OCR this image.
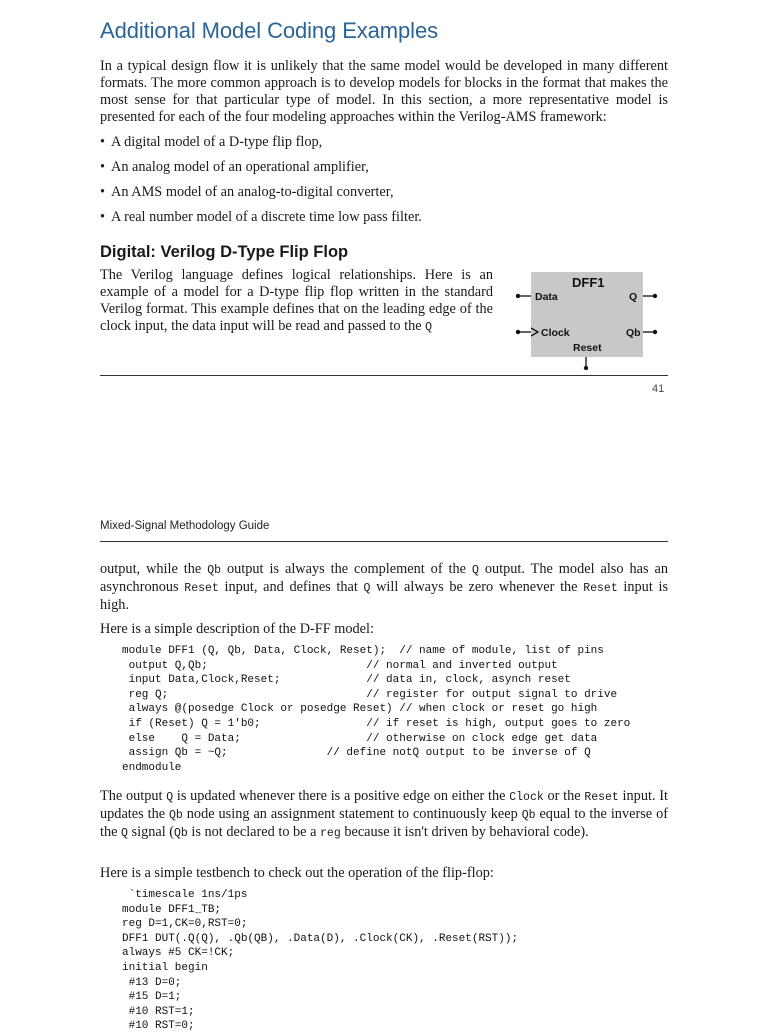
Additional Model Coding Examples
In a typical design flow it is unlikely that the same model would be developed in many different formats. The more common approach is to develop models for blocks in the format that makes the most sense for that particular type of model. In this section, a more representative model is presented for each of the four modeling approaches within the Verilog-AMS framework:
• A digital model of a D-type flip flop,
• An analog model of an operational amplifier,
• An AMS model of an analog-to-digital converter,
• A real number model of a discrete time low pass filter.
Digital: Verilog D-Type Flip Flop
The Verilog language defines logical relationships. Here is an example of a model for a D-type flip flop written in the standard Verilog format. This example defines that on the leading edge of the clock input, the data input will be read and passed to the Q
DFF1
Data	Q
Clock	Qb
Reset
41
Mixed-Signal Methodology Guide
output, while the Qb output is always the complement of the Q output. The model also has an asynchronous Reset input, and defines that Q will always be zero whenever the Reset input is high.
Here is a simple description of the D-FF model:
module DFF1 (Q, Qb, Data, Clock, Reset);  // name of module, list of pins
output Q,Qb;                        // normal and inverted output
input Data,Clock,Reset;             // data in, clock, asynch reset
reg Q;                              // register for output signal to drive
always @(posedge Clock or posedge Reset) // when clock or reset go high
if (Reset) Q = 1'b0;                // if reset is high, output goes to zero
else    Q = Data;                   // otherwise on clock edge get data
assign Qb = ~Q;               // define notQ output to be inverse of Q
endmodule
The output Q is updated whenever there is a positive edge on either the Clock or the Reset input. It updates the Qb node using an assignment statement to continuously keep Qb equal to the inverse of the Q signal (Qb is not declared to be a reg because it isn't driven by behavioral code).
Here is a simple testbench to check out the operation of the flip-flop:
`timescale 1ns/1ps
module DFF1_TB;
reg D=1,CK=0,RST=0;
DFF1 DUT(.Q(Q), .Qb(QB), .Data(D), .Clock(CK), .Reset(RST));
always #5 CK=!CK;
initial begin
#13 D=0;
#15 D=1;
#10 RST=1;
#10 RST=0;
